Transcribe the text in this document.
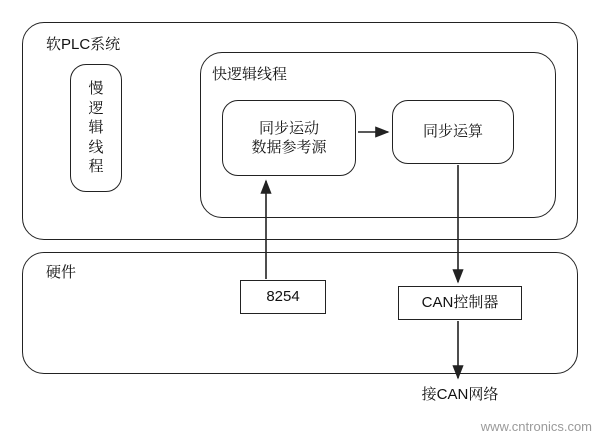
软PLC系统
慢
逻
辑
线
程
快逻辑线程
同步运动
数据参考源
同步运算
硬件
8254	CAN控制器
接CAN网络
www.cntronics.com
